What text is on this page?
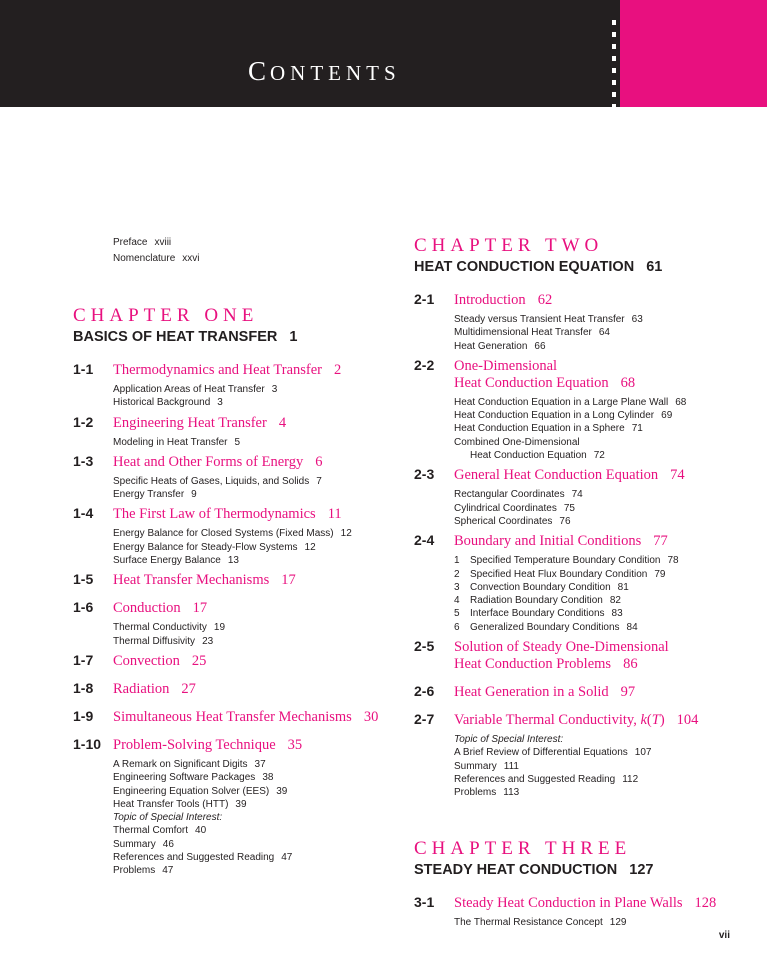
CONTENTS
Preface xviii
Nomenclature xxvi
CHAPTER ONE
BASICS OF HEAT TRANSFER 1
1-1	Thermodynamics and Heat Transfer 2
Application Areas of Heat Transfer 3
Historical Background 3
1-2	Engineering Heat Transfer 4
Modeling in Heat Transfer 5
1-3	Heat and Other Forms of Energy 6
Specific Heats of Gases, Liquids, and Solids 7
Energy Transfer 9
1-4	The First Law of Thermodynamics 11
Energy Balance for Closed Systems (Fixed Mass) 12
Energy Balance for Steady-Flow Systems 12
Surface Energy Balance 13
1-5	Heat Transfer Mechanisms 17
1-6	Conduction 17
Thermal Conductivity 19
Thermal Diffusivity 23
1-7	Convection 25
1-8	Radiation 27
1-9	Simultaneous Heat Transfer Mechanisms 30
1-10 Problem-Solving Technique 35
A Remark on Significant Digits 37
Engineering Software Packages 38
Engineering Equation Solver (EES) 39
Heat Transfer Tools (HTT) 39
Topic of Special Interest:
Thermal Comfort 40
Summary 46
References and Suggested Reading 47
Problems 47
CHAPTER TWO
HEAT CONDUCTION EQUATION 61
2-1	Introduction 62
Steady versus Transient Heat Transfer 63
Multidimensional Heat Transfer 64
Heat Generation 66
2-2	One-Dimensional
Heat Conduction Equation 68
Heat Conduction Equation in a Large Plane Wall 68
Heat Conduction Equation in a Long Cylinder 69
Heat Conduction Equation in a Sphere 71
Combined One-Dimensional
Heat Conduction Equation 72
2-3	General Heat Conduction Equation 74
Rectangular Coordinates 74
Cylindrical Coordinates 75
Spherical Coordinates 76
2-4	Boundary and Initial Conditions 77
1 Specified Temperature Boundary Condition 78
2 Specified Heat Flux Boundary Condition 79
3 Convection Boundary Condition 81
4 Radiation Boundary Condition 82
5 Interface Boundary Conditions 83
6 Generalized Boundary Conditions 84
2-5	Solution of Steady One-Dimensional
Heat Conduction Problems 86
2-6	Heat Generation in a Solid 97
2-7	Variable Thermal Conductivity, k(T) 104
Topic of Special Interest:
A Brief Review of Differential Equations 107
Summary 111
References and Suggested Reading 112
Problems 113
CHAPTER THREE
STEADY HEAT CONDUCTION 127
3-1	Steady Heat Conduction in Plane Walls 128
The Thermal Resistance Concept 129
vii
